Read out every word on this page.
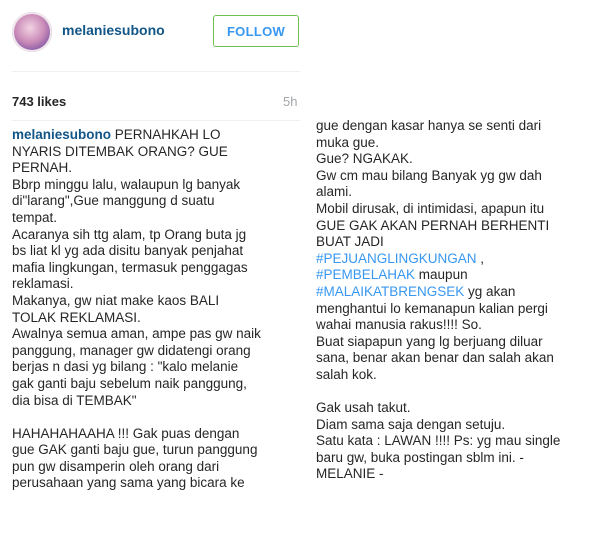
melaniesubono	FOLLOW
743 likes	5h
melaniesubono PERNAHKAH LO
NYARIS DITEMBAK ORANG? GUE
PERNAH.
Bbrp minggu lalu, walaupun lg banyak
di"larang",Gue manggung d suatu
tempat.
Acaranya sih ttg alam, tp Orang buta jg
bs liat kl yg ada disitu banyak penjahat
mafia lingkungan, termasuk penggagas
reklamasi.
Makanya, gw niat make kaos BALI
TOLAK REKLAMASI.
Awalnya semua aman, ampe pas gw naik
panggung, manager gw didatengi orang
berjas n dasi yg bilang : "kalo melanie
gak ganti baju sebelum naik panggung,
dia bisa di TEMBAK"
HAHAHAHAAHA !!! Gak puas dengan
gue GAK ganti baju gue, turun panggung
pun gw disamperin oleh orang dari
perusahaan yang sama yang bicara ke
gue dengan kasar hanya se senti dari
muka gue.
Gue? NGAKAK.
Gw cm mau bilang Banyak yg gw dah
alami.
Mobil dirusak, di intimidasi, apapun itu
GUE GAK AKAN PERNAH BERHENTI
BUAT JADI
#PEJUANGLINGKUNGAN ,
#PEMBELAHAK maupun
#MALAIKATBRENGSEK yg akan
menghantui lo kemanapun kalian pergi
wahai manusia rakus!!!! So.
Buat siapapun yang lg berjuang diluar
sana, benar akan benar dan salah akan
salah kok.
Gak usah takut.
Diam sama saja dengan setuju.
Satu kata : LAWAN !!!! Ps: yg mau single
baru gw, buka postingan sblm ini. -
MELANIE -
